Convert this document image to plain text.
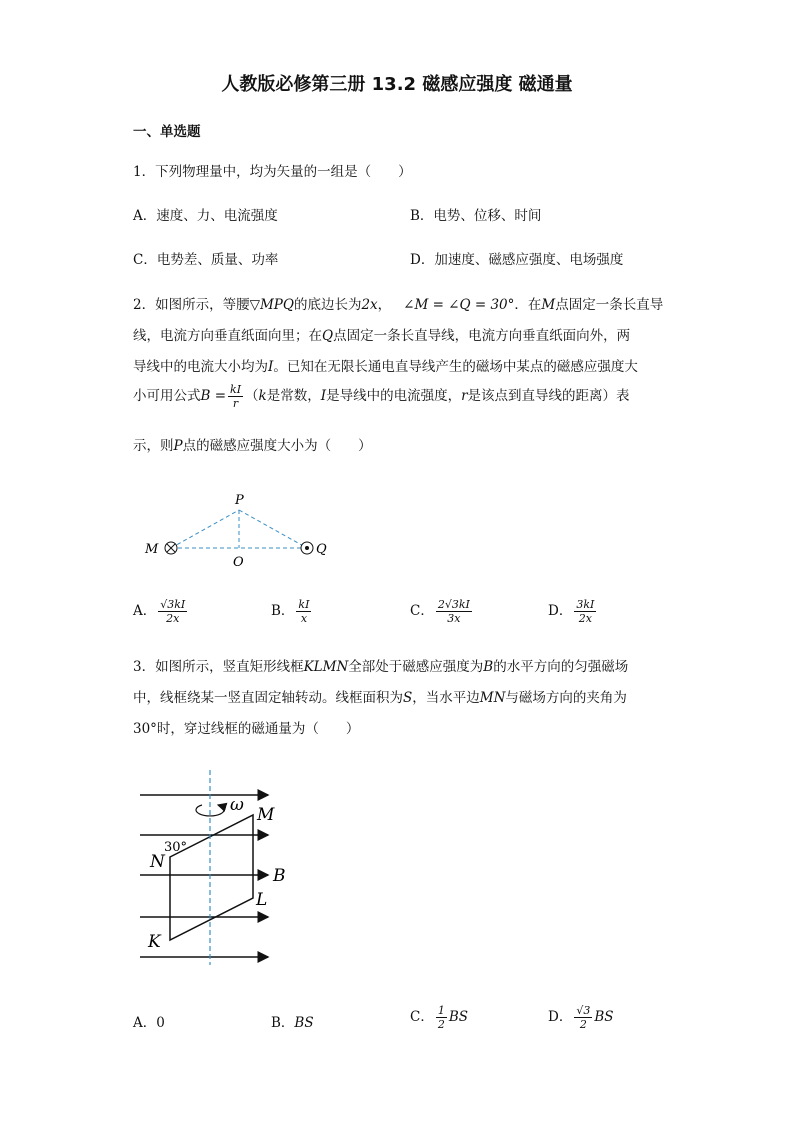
人教版必修第三册 13.2 磁感应强度 磁通量
一、单选题
1．下列物理量中，均为矢量的一组是（　　）
A．速度、力、电流强度	B．电势、位移、时间
C．电势差、质量、功率	D．加速度、磁感应强度、电场强度
2．如图所示，等腰▽MPQ的底边长为2x， ∠M = ∠Q = 30°．在M点固定一条长直导
线，电流方向垂直纸面向里；在Q点固定一条长直导线，电流方向垂直纸面向外，两
导线中的电流大小均为I。已知在无限长通电直导线产生的磁场中某点的磁感应强度大
小可用公式$B = \frac{kI}{r} (k$是常数，I是导线中的电流强度，r是该点到直导线的距离）表
示，则P点的磁感应强度大小为（　　）
P
O
M	Q
A． $\frac{√3kI}{2x}$	B． $\frac{kI}{x}$	C． $\frac{2√3kI}{3x}$	D． $\frac{3kI}{2x}$
3．如图所示，竖直矩形线框KLMN全部处于磁感应强度为B的水平方向的匀强磁场
中，线框绕某一竖直固定轴转动。线框面积为S，当水平边MN与磁场方向的夹角为
30°时，穿过线框的磁通量为（　　）
ω M
30°
N
B
L
K
A．0	B．BS	C． $\frac{1}{2}$ BS	D． $\frac{√3}{2}$ BS
